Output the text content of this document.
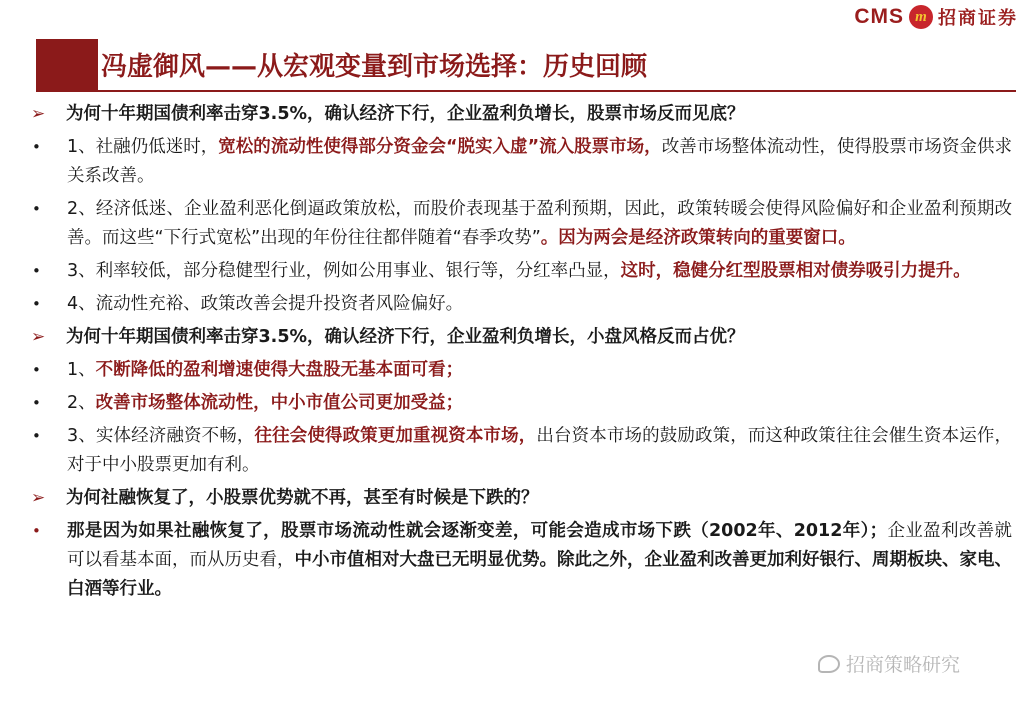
CMS m 招商证券
冯虚御风——从宏观变量到市场选择：历史回顾
➢	为何十年期国债利率击穿3.5%，确认经济下行，企业盈利负增长，股票市场反而见底？
•	1、社融仍低迷时，宽松的流动性使得部分资金会“脱实入虚”流入股票市场，改善市场整体流动性，使得股票市场资金供求关系改善。
•	2、经济低迷、企业盈利恶化倒逼政策放松，而股价表现基于盈利预期，因此，政策转暖会使得风险偏好和企业盈利预期改善。而这些“下行式宽松”出现的年份往往都伴随着“春季攻势”。因为两会是经济政策转向的重要窗口。
•	3、利率较低，部分稳健型行业，例如公用事业、银行等，分红率凸显，这时，稳健分红型股票相对债券吸引力提升。
•	4、流动性充裕、政策改善会提升投资者风险偏好。
➢	为何十年期国债利率击穿3.5%，确认经济下行，企业盈利负增长，小盘风格反而占优？
•	1、不断降低的盈利增速使得大盘股无基本面可看；
•	2、改善市场整体流动性，中小市值公司更加受益；
•	3、实体经济融资不畅，往往会使得政策更加重视资本市场，出台资本市场的鼓励政策，而这种政策往往会催生资本运作，对于中小股票更加有利。
➢	为何社融恢复了，小股票优势就不再，甚至有时候是下跌的？
•	那是因为如果社融恢复了，股票市场流动性就会逐渐变差，可能会造成市场下跌（2002年、2012年）；企业盈利改善就可以看基本面，而从历史看，中小市值相对大盘已无明显优势。除此之外，企业盈利改善更加利好银行、周期板块、家电、白酒等行业。
招商策略研究
